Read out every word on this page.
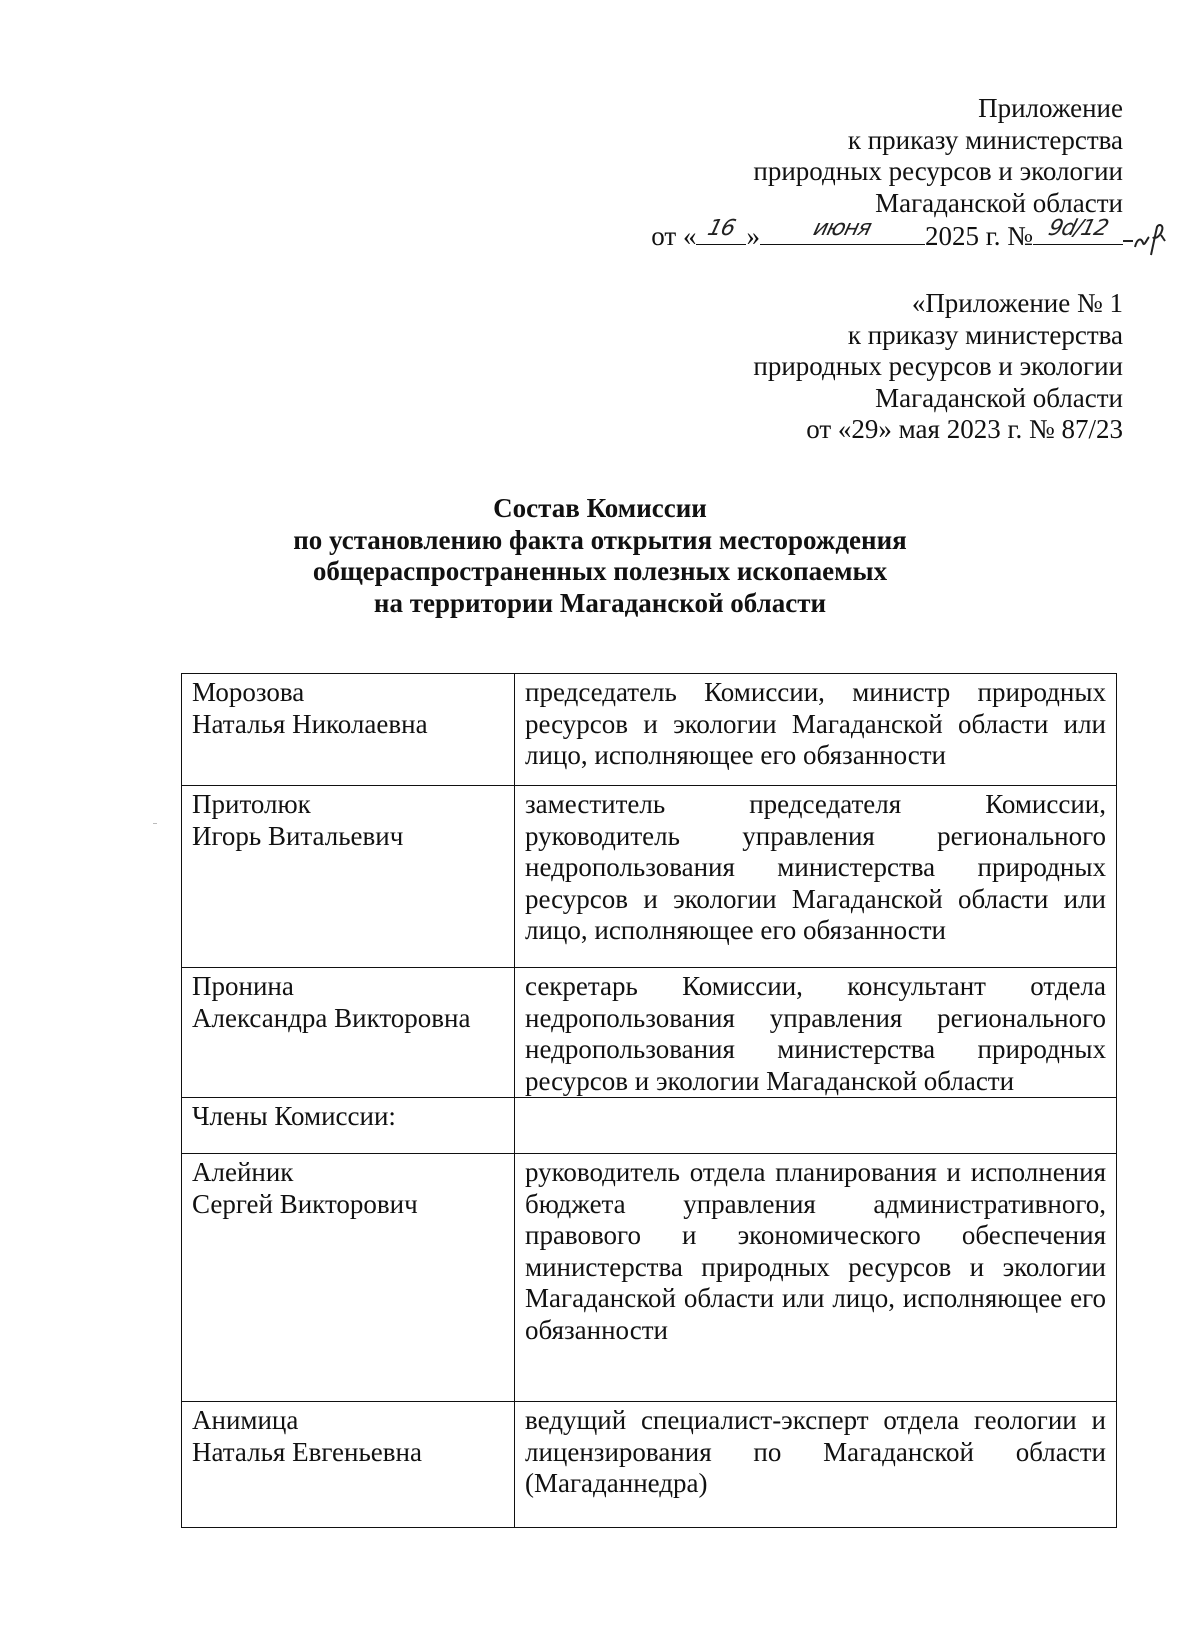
Приложение
к приказу министерства
природных ресурсов и экологии
Магаданской области
от « 16 » июня 2025 г. № 9d/12
«Приложение № 1
к приказу министерства
природных ресурсов и экологии
Магаданской области
от «29» мая 2023 г. № 87/23
Состав Комиссии
по установлению факта открытия месторождения
общераспространенных полезных ископаемых
на территории Магаданской области
Морозова
Наталья Николаевна	председатель Комиссии, министр природных ресурсов и экологии Магаданской области или лицо, исполняющее его обязанности

Притолюк
Игорь Витальевич	заместитель председателя Комиссии, руководитель управления регионального недропользования министерства природных ресурсов и экологии Магаданской области или лицо, исполняющее его обязанности

Пронина
Александра Викторовна	секретарь Комиссии, консультант отдела недропользования управления регионального недропользования министерства природных ресурсов и экологии Магаданской области

Члены Комиссии:	

Алейник
Сергей Викторович	руководитель отдела планирования и исполнения бюджета управления административного, правового и экономического обеспечения министерства природных ресурсов и экологии Магаданской области или лицо, исполняющее его обязанности

Анимица
Наталья Евгеньевна	ведущий специалист-эксперт отдела геологии и лицензирования по Магаданской области (Магаданнедра)
